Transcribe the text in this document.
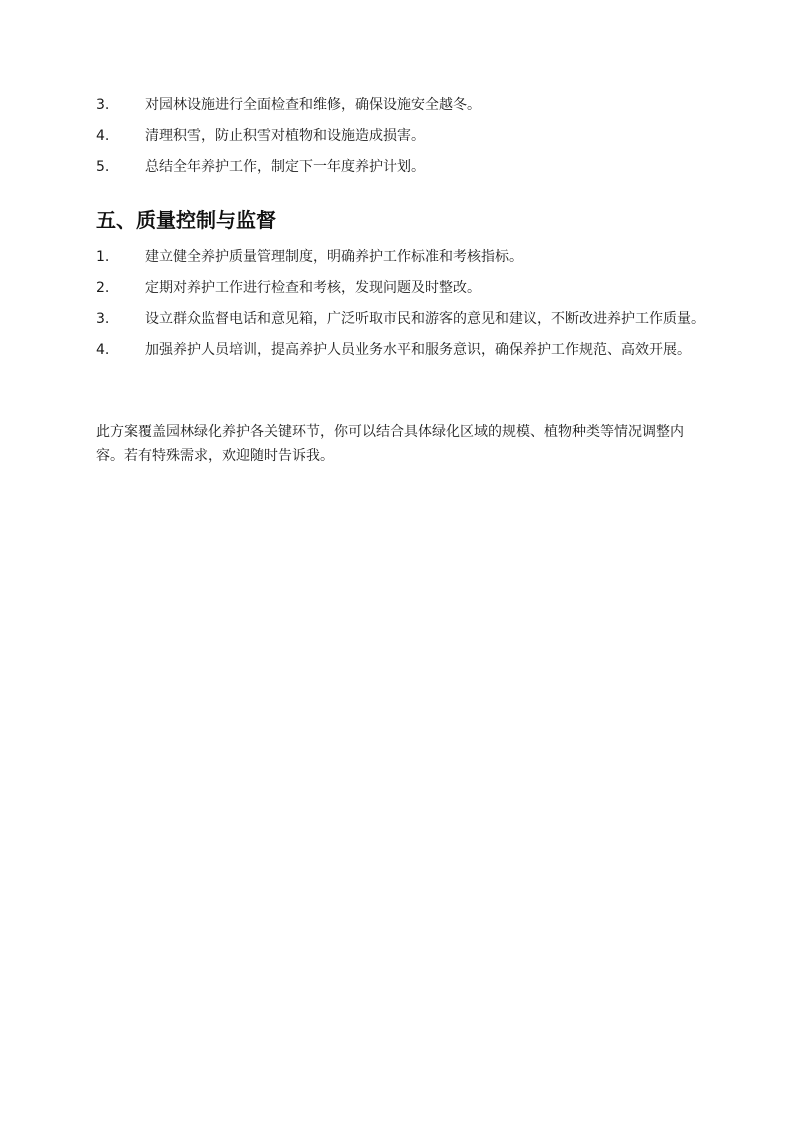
3.	对园林设施进行全面检查和维修，确保设施安全越冬。
4.	清理积雪，防止积雪对植物和设施造成损害。
5.	总结全年养护工作，制定下一年度养护计划。
五、质量控制与监督
1.	建立健全养护质量管理制度，明确养护工作标准和考核指标。
2.	定期对养护工作进行检查和考核，发现问题及时整改。
3.	设立群众监督电话和意见箱，广泛听取市民和游客的意见和建议，不断改进养护工作质量。
4.	加强养护人员培训，提高养护人员业务水平和服务意识，确保养护工作规范、高效开展。

此方案覆盖园林绿化养护各关键环节，你可以结合具体绿化区域的规模、植物种类等情况调整内容。若有特殊需求，欢迎随时告诉我。
